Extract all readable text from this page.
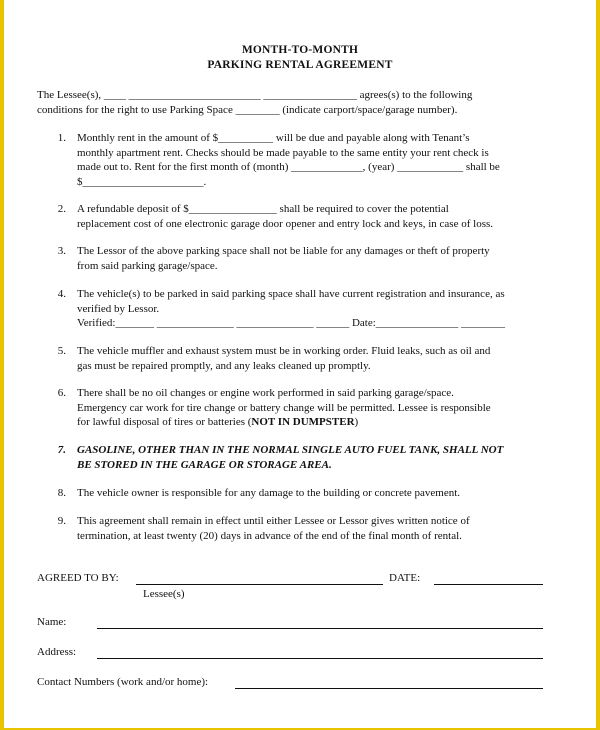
MONTH-TO-MONTH
PARKING RENTAL AGREEMENT
The Lessee(s), ____ ________________________ _________________ agrees(s) to the following
conditions for the right to use Parking Space ________ (indicate carport/space/garage number).
1. Monthly rent in the amount of $__________ will be due and payable along with Tenant’s
monthly apartment rent. Checks should be made payable to the same entity your rent check is
made out to. Rent for the first month of (month) _____________, (year) ____________ shall be
$______________________.
2. A refundable deposit of $________________ shall be required to cover the potential
replacement cost of one electronic garage door opener and entry lock and keys, in case of loss.
3. The Lessor of the above parking space shall not be liable for any damages or theft of property
from said parking garage/space.
4. The vehicle(s) to be parked in said parking space shall have current registration and insurance, as
verified by Lessor.
Verified:_______ ______________ ______________ ______ Date:_______________ ________
5. The vehicle muffler and exhaust system must be in working order. Fluid leaks, such as oil and
gas must be repaired promptly, and any leaks cleaned up promptly.
6. There shall be no oil changes or engine work performed in said parking garage/space.
Emergency car work for tire change or battery change will be permitted. Lessee is responsible
for lawful disposal of tires or batteries (NOT IN DUMPSTER)
7. GASOLINE, OTHER THAN IN THE NORMAL SINGLE AUTO FUEL TANK, SHALL NOT
BE STORED IN THE GARAGE OR STORAGE AREA.
8. The vehicle owner is responsible for any damage to the building or concrete pavement.
9. This agreement shall remain in effect until either Lessee or Lessor gives written notice of
termination, at least twenty (20) days in advance of the end of the final month of rental.
AGREED TO BY:	DATE:
Lessee(s)
Name:
Address:
Contact Numbers (work and/or home):
